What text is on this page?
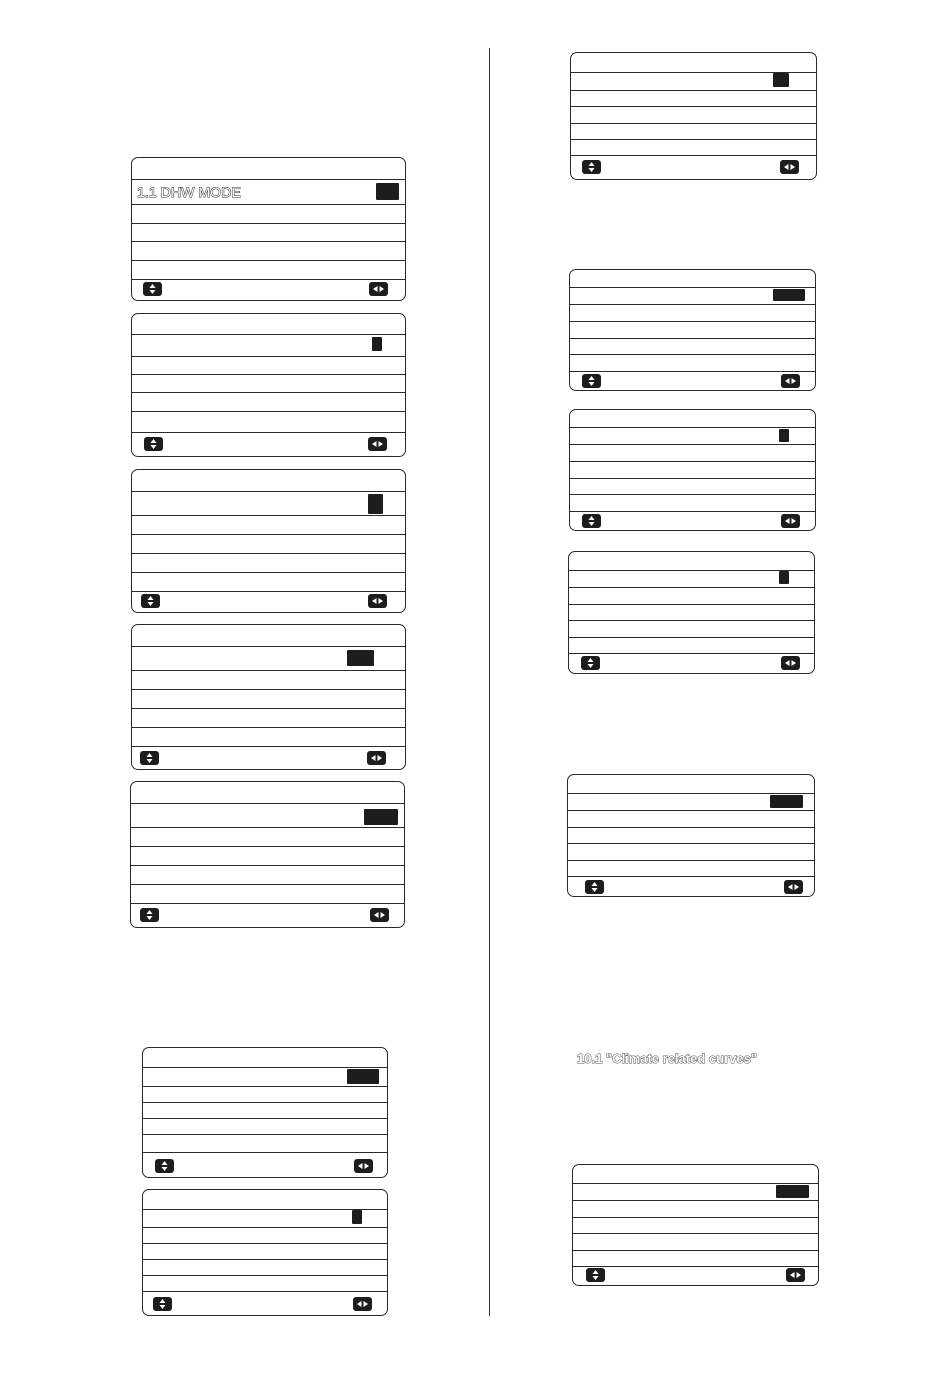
1.1 DHW MODE
10.1 "Climate related curves"
